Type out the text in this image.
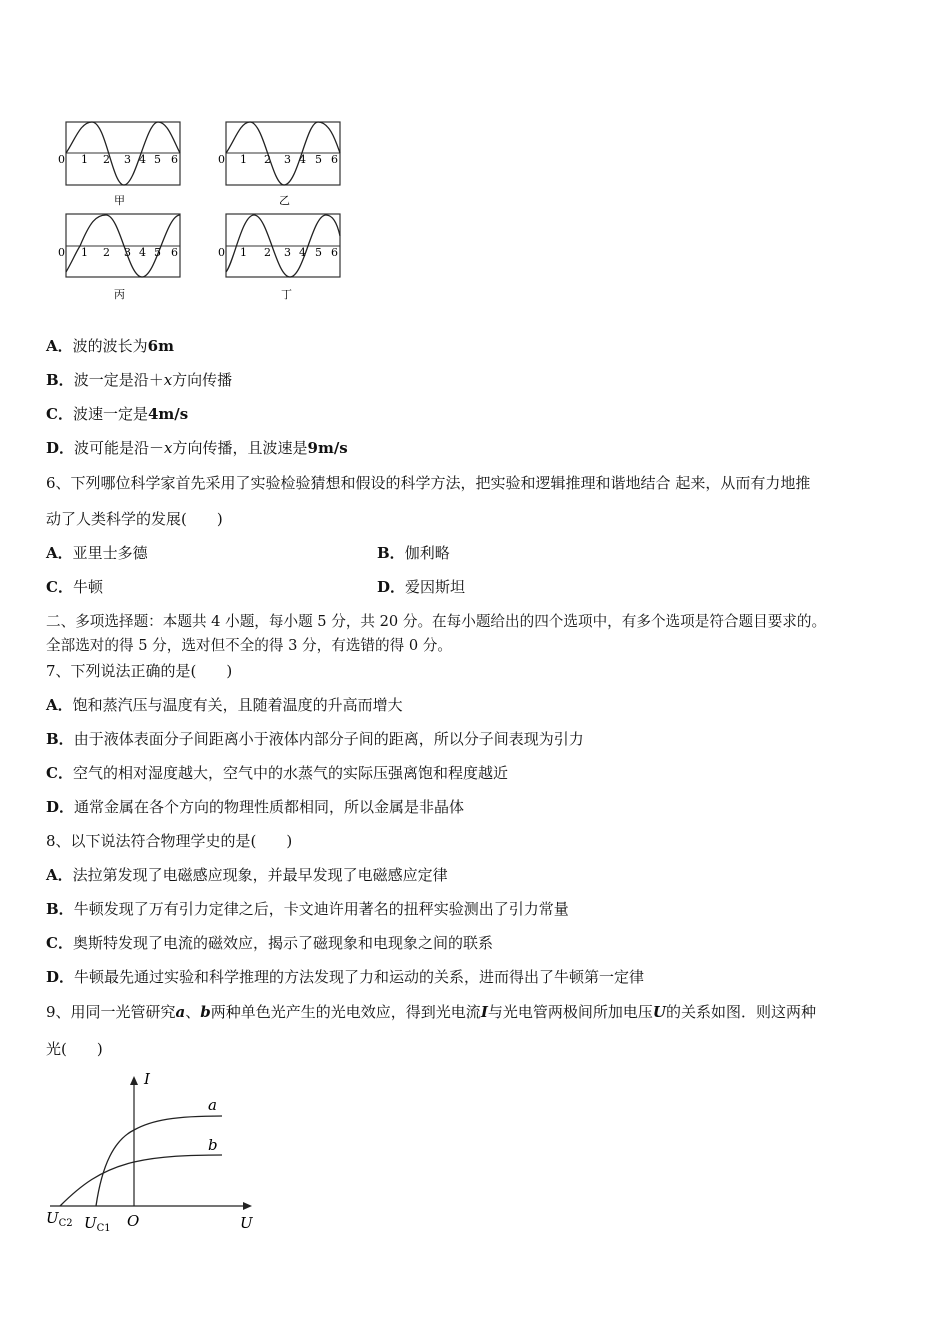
0 1 2 3 4 5 6
甲
0 1 2 3 4 5 6
乙
0 1 2 3 4 5 6
丙
0 1 2 3 4 5 6
丁
A．波的波长为6m
B．波一定是沿＋x方向传播
C．波速一定是4m/s
D．波可能是沿－x方向传播，且波速是9m/s
6、下列哪位科学家首先采用了实验检验猜想和假设的科学方法，把实验和逻辑推理和谐地结合 起来，从而有力地推
动了人类科学的发展(　　)
A．亚里士多德	B．伽利略
C．牛顿	D．爱因斯坦
二、多项选择题：本题共 4 小题，每小题 5 分，共 20 分。在每小题给出的四个选项中，有多个选项是符合题目要求的。
全部选对的得 5 分，选对但不全的得 3 分，有选错的得 0 分。
7、下列说法正确的是(　　)
A．饱和蒸汽压与温度有关，且随着温度的升高而增大
B．由于液体表面分子间距离小于液体内部分子间的距离，所以分子间表现为引力
C．空气的相对湿度越大，空气中的水蒸气的实际压强离饱和程度越近
D．通常金属在各个方向的物理性质都相同，所以金属是非晶体
8、以下说法符合物理学史的是(　　)
A．法拉第发现了电磁感应现象，并最早发现了电磁感应定律
B．牛顿发现了万有引力定律之后，卡文迪许用著名的扭秤实验测出了引力常量
C．奥斯特发现了电流的磁效应，揭示了磁现象和电现象之间的联系
D．牛顿最先通过实验和科学推理的方法发现了力和运动的关系，进而得出了牛顿第一定律
9、用同一光管研究a、b两种单色光产生的光电效应，得到光电流I与光电管两极间所加电压U的关系如图．则这两种
光(　　)
I
U
a
b
O
$U_{C2}$ $U_{C1}$
